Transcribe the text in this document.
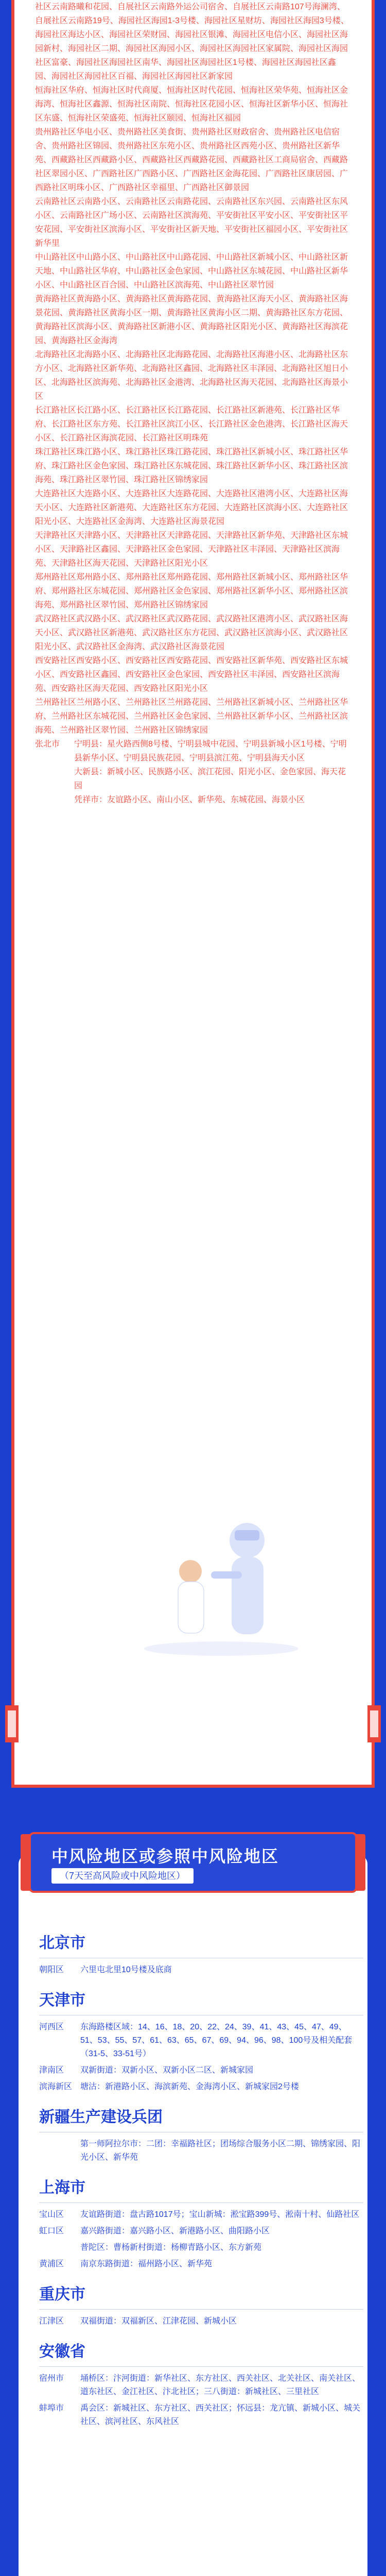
社区云南路曦和花园、自展社区云南路外运公司宿舍、自展社区云南路107号海澜湾、自展社区云南路19号、海园社区海园1-3号楼、海园社区星财坊、海园社区海园3号楼、海园社区海达小区、海园社区荣财园、海园社区银滩、海园社区电信小区、海园社区海园新村、海园社区二期、海园社区海园小区、海园社区海园社区家属院、海园社区海园社区富豪、海园社区海园社区南华、海园社区海园社区1号楼、海园社区海园社区鑫园、海园社区海园社区百福、海园社区海园社区新家园
恒海社区华府、恒海社区时代商厦、恒海社区时代花园、恒海社区荣华苑、恒海社区金海湾、恒海社区鑫源、恒海社区南院、恒海社区花园小区、恒海社区新华小区、恒海社区东盛、恒海社区荣盛苑、恒海社区颐园、恒海社区福园
贵州路社区华电小区、贵州路社区美食街、贵州路社区财政宿舍、贵州路社区电信宿舍、贵州路社区锦园、贵州路社区东苑小区、贵州路社区西苑小区、贵州路社区新华苑、西藏路社区西藏路小区、西藏路社区西藏路花园、西藏路社区工商局宿舍、西藏路社区翠园小区、广西路社区广西路小区、广西路社区金海花园、广西路社区康居园、广西路社区明珠小区、广西路社区幸福里、广西路社区御景园
云南路社区云南路小区、云南路社区云南路花园、云南路社区东兴园、云南路社区东风小区、云南路社区广场小区、云南路社区滨海苑、平安街社区平安小区、平安街社区平安花园、平安街社区滨海小区、平安街社区新天地、平安街社区福园小区、平安街社区新华里
中山路社区中山路小区、中山路社区中山路花园、中山路社区新城小区、中山路社区新天地、中山路社区华府、中山路社区金色家园、中山路社区东城花园、中山路社区新华小区、中山路社区百合园、中山路社区滨海苑、中山路社区翠竹园
黄海路社区黄海路小区、黄海路社区黄海路花园、黄海路社区海天小区、黄海路社区海景花园、黄海路社区黄海小区一期、黄海路社区黄海小区二期、黄海路社区东方花园、黄海路社区滨海小区、黄海路社区新港小区、黄海路社区阳光小区、黄海路社区海滨花园、黄海路社区金海湾
北海路社区北海路小区、北海路社区北海路花园、北海路社区海港小区、北海路社区东方小区、北海路社区新华苑、北海路社区鑫园、北海路社区丰泽园、北海路社区旭日小区、北海路社区滨海苑、北海路社区金港湾、北海路社区海天花园、北海路社区海景小区
长江路社区长江路小区、长江路社区长江路花园、长江路社区新港苑、长江路社区华府、长江路社区东方苑、长江路社区滨江小区、长江路社区金色港湾、长江路社区海天小区、长江路社区海滨花园、长江路社区明珠苑
珠江路社区珠江路小区、珠江路社区珠江路花园、珠江路社区新城小区、珠江路社区华府、珠江路社区金色家园、珠江路社区东城花园、珠江路社区新华小区、珠江路社区滨海苑、珠江路社区翠竹园、珠江路社区锦绣家园
大连路社区大连路小区、大连路社区大连路花园、大连路社区港湾小区、大连路社区海天小区、大连路社区新港苑、大连路社区东方花园、大连路社区滨海小区、大连路社区阳光小区、大连路社区金海湾、大连路社区海景花园
天津路社区天津路小区、天津路社区天津路花园、天津路社区新华苑、天津路社区东城小区、天津路社区鑫园、天津路社区金色家园、天津路社区丰泽园、天津路社区滨海苑、天津路社区海天花园、天津路社区阳光小区
郑州路社区郑州路小区、郑州路社区郑州路花园、郑州路社区新城小区、郑州路社区华府、郑州路社区东城花园、郑州路社区金色家园、郑州路社区新华小区、郑州路社区滨海苑、郑州路社区翠竹园、郑州路社区锦绣家园
武汉路社区武汉路小区、武汉路社区武汉路花园、武汉路社区港湾小区、武汉路社区海天小区、武汉路社区新港苑、武汉路社区东方花园、武汉路社区滨海小区、武汉路社区阳光小区、武汉路社区金海湾、武汉路社区海景花园
西安路社区西安路小区、西安路社区西安路花园、西安路社区新华苑、西安路社区东城小区、西安路社区鑫园、西安路社区金色家园、西安路社区丰泽园、西安路社区滨海苑、西安路社区海天花园、西安路社区阳光小区
兰州路社区兰州路小区、兰州路社区兰州路花园、兰州路社区新城小区、兰州路社区华府、兰州路社区东城花园、兰州路社区金色家园、兰州路社区新华小区、兰州路社区滨海苑、兰州路社区翠竹园、兰州路社区锦绣家园
张北市	宁明县：星火路西侧8号楼、宁明县城中花园、宁明县新城小区1号楼、宁明县新华小区、宁明县民族花园、宁明县滨江苑、宁明县海天小区
大新县：新城小区、民族路小区、滨江花园、阳光小区、金色家园、海天花园
凭祥市：友谊路小区、南山小区、新华苑、东城花园、海景小区
中风险地区或参照中风险地区
（7天至高风险或中风险地区）
北京市
朝阳区	六里屯北里10号楼及底商
天津市
河西区	东海路楼区域：14、16、18、20、22、24、39、41、43、45、47、49、51、53、55、57、61、63、65、67、69、94、96、98、100号及相关配套（31-5、33-51号）
津南区	双新街道：双新小区、双新小区二区、新城家园
滨海新区 塘沽：新港路小区、海滨新苑、金海湾小区、新城家园2号楼
新疆生产建设兵团
第一师阿拉尔市：二团：幸福路社区；团场综合服务小区二期、锦绣家园、阳光小区、新华苑
上海市
宝山区	友谊路街道：盘古路1017号；宝山新城：淞宝路399号、淞南十村、仙路社区
虹口区	嘉兴路街道：嘉兴路小区、新港路小区、曲阳路小区
普陀区：曹杨新村街道：杨柳青路小区、东方新苑
黄浦区	南京东路街道：福州路小区、新华苑
重庆市
江津区	双福街道：双福新区、江津花园、新城小区
安徽省
宿州市	埇桥区：汴河街道：新华社区、东方社区、西关社区、北关社区、南关社区、道东社区、金江社区、汴北社区；三八街道：新城社区、三里社区
蚌埠市	禹会区：新城社区、东方社区、西关社区；怀远县：龙亢镇、新城小区、城关社区、滨河社区、东风社区
